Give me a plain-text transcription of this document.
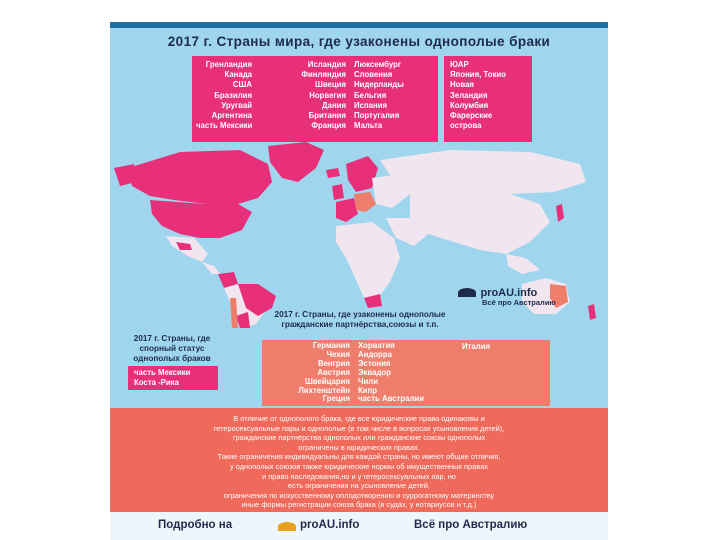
2017 г. Страны мира, где узаконены однополые браки
Гренландия
Канада
США
Бразилия
Уругвай
Аргентина
часть Мексики
Исландия
Финляндия
Швеция
Норвегия
Дания
Британия
Франция
Люксембург
Словения
Нидерланды
Бельгия
Испания
Португалия
Мальта
ЮАР
Япония, Токио
Новая
Зеландия
Колумбия
Фарерские
острова
proAU.info
Всё про Австралию
2017 г. Страны, где узаконены однополые гражданские партнёрства,союзы и т.п.
Германия
Чехия
Венгрия
Австрия
Швейцария
Лихтенштейн
Греция
Хорватия
Андорра
Эстония
Эквадор
Чили
Кипр
часть Австралии
Италия
2017 г. Страны, где спорный статус однополых браков
часть Мексики
Коста -Рика
В отличие от однополого брака, где все юридические права одинаковы и
гетеросексуальные пары и однополые (в том числе в вопросах усыновления детей),
гражданские партнёрства однополых или гражданские союзы однополых
ограничены в юридических правах.
Такие ограничения индивидуальны для каждой страны, но имеют общие отличия,
у однополых союзов также юридические нормы об имущественных правах
и право наследования,но и у гетеросексуальных пар, но
есть ограничения на усыновление детей,
ограничения по искусственному оплодотворению и суррогатному материнству
иные формы регистрации союза брака (в судах, у нотариусов и т.д.)
Подробно на	proAU.info	Всё про Австралию
